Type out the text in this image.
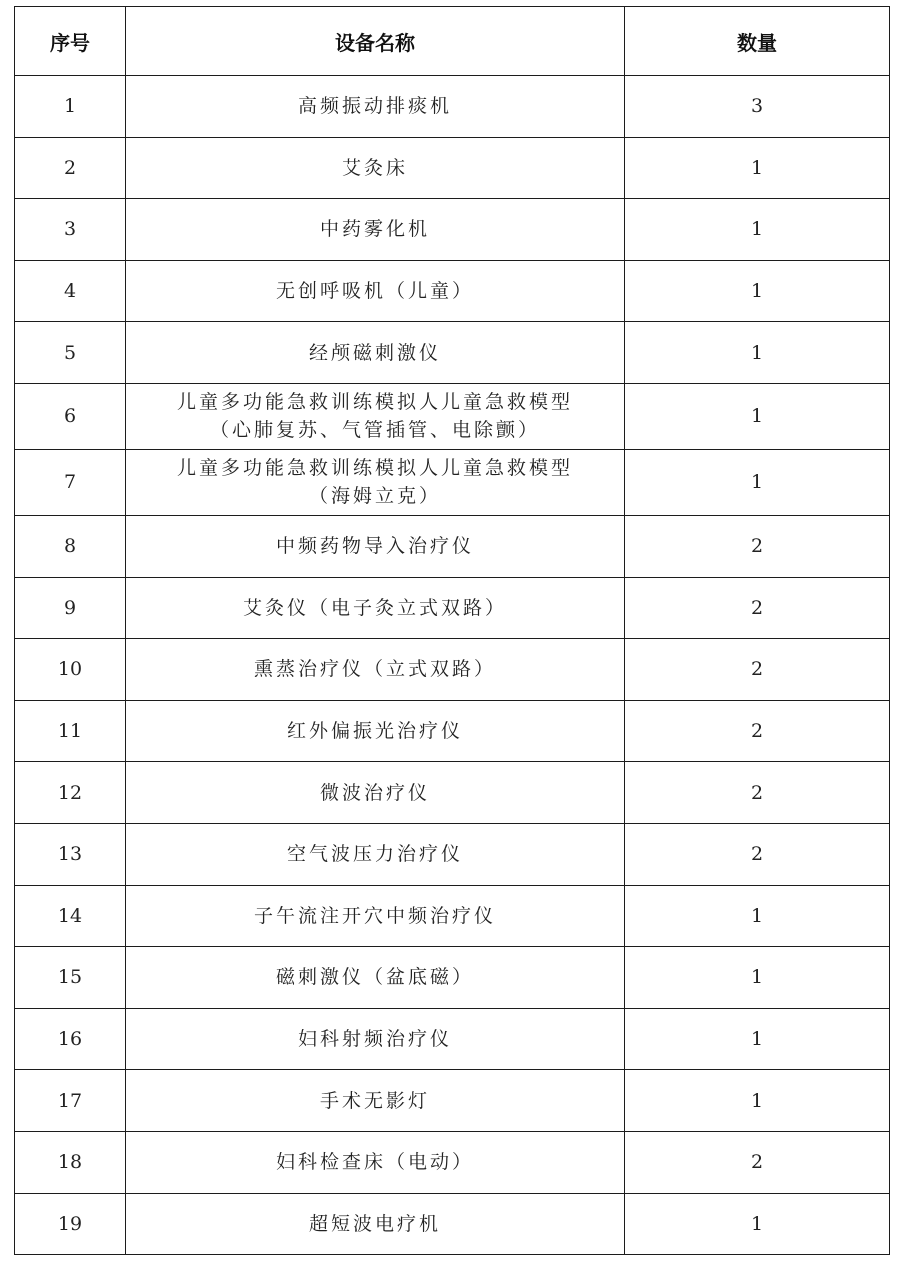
序号	设备名称	数量
1	高频振动排痰机	3
2	艾灸床	1
3	中药雾化机	1
4	无创呼吸机（儿童）	1
5	经颅磁刺激仪	1
6	儿童多功能急救训练模拟人儿童急救模型
（心肺复苏、气管插管、电除颤）	1
7	儿童多功能急救训练模拟人儿童急救模型
（海姆立克）	1
8	中频药物导入治疗仪	2
9	艾灸仪（电子灸立式双路）	2
10	熏蒸治疗仪（立式双路）	2
11	红外偏振光治疗仪	2
12	微波治疗仪	2
13	空气波压力治疗仪	2
14	子午流注开穴中频治疗仪	1
15	磁刺激仪（盆底磁）	1
16	妇科射频治疗仪	1
17	手术无影灯	1
18	妇科检查床（电动）	2
19	超短波电疗机	1
